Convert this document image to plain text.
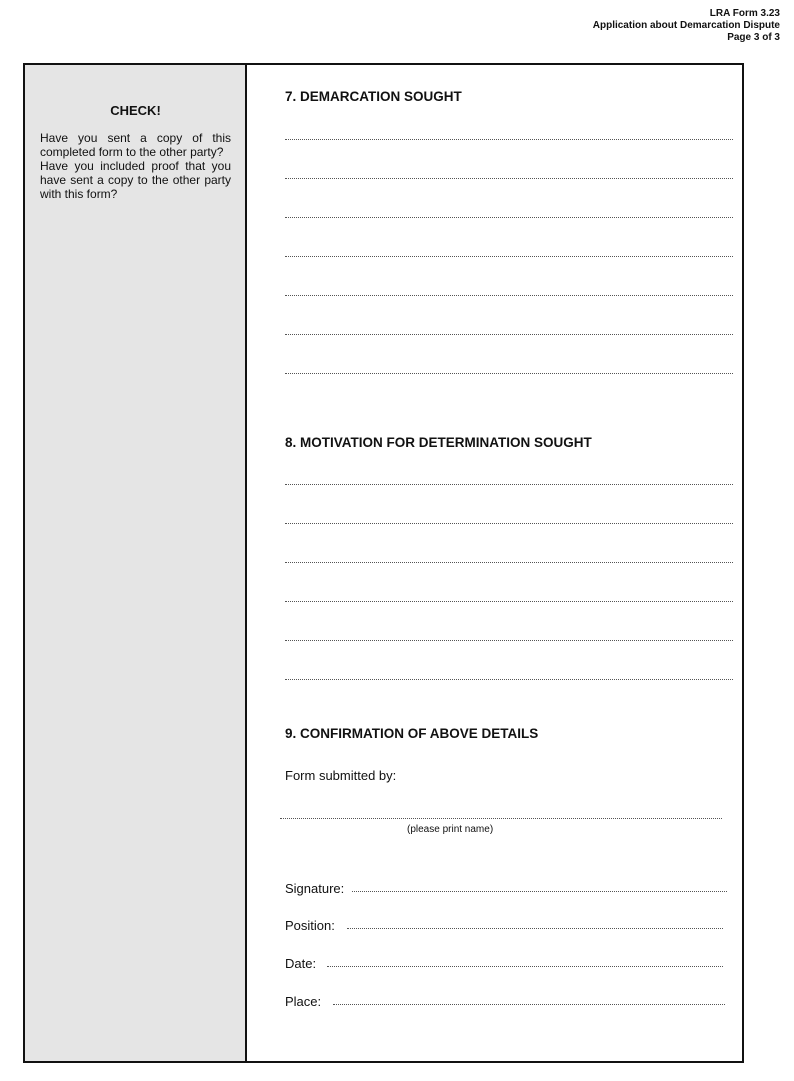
LRA Form 3.23
Application about Demarcation Dispute
Page 3 of 3
CHECK!

Have you sent a copy of this completed form to the other party?

Have you included proof that you have sent a copy to the other party with this form?

7. DEMARCATION SOUGHT
8. MOTIVATION FOR DETERMINATION SOUGHT
9. CONFIRMATION OF ABOVE DETAILS
Form submitted by:
(please print name)
Signature:
Position:
Date:
Place:
